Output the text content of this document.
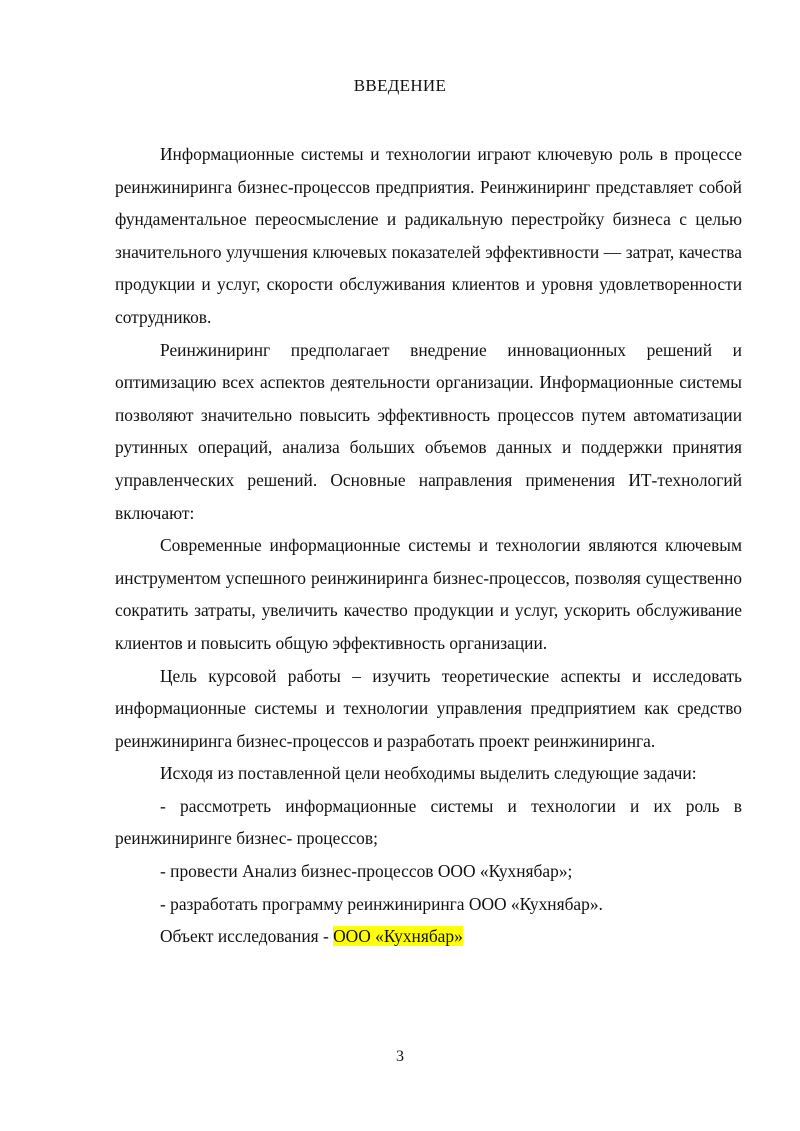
ВВЕДЕНИЕ

Информационные системы и технологии играют ключевую роль в процессе реинжиниринга бизнес-процессов предприятия. Реинжиниринг представляет собой фундаментальное переосмысление и радикальную перестройку бизнеса с целью значительного улучшения ключевых показателей эффективности — затрат, качества продукции и услуг, скорости обслуживания клиентов и уровня удовлетворенности сотрудников.

Реинжиниринг предполагает внедрение инновационных решений и оптимизацию всех аспектов деятельности организации. Информационные системы позволяют значительно повысить эффективность процессов путем автоматизации рутинных операций, анализа больших объемов данных и поддержки принятия управленческих решений. Основные направления применения ИТ-технологий включают:

Современные информационные системы и технологии являются ключевым инструментом успешного реинжиниринга бизнес-процессов, позволяя существенно сократить затраты, увеличить качество продукции и услуг, ускорить обслуживание клиентов и повысить общую эффективность организации.

Цель курсовой работы – изучить теоретические аспекты и исследовать информационные системы и технологии управления предприятием как средство реинжиниринга бизнес-процессов и разработать проект реинжиниринга.

Исходя из поставленной цели необходимы выделить следующие задачи:

- рассмотреть информационные системы и технологии и их роль в реинжиниринге бизнес- процессов;

- провести Анализ бизнес-процессов ООО «Кухнябар»;

- разработать программу реинжиниринга ООО «Кухнябар».

Объект исследования - ООО «Кухнябар»

3
